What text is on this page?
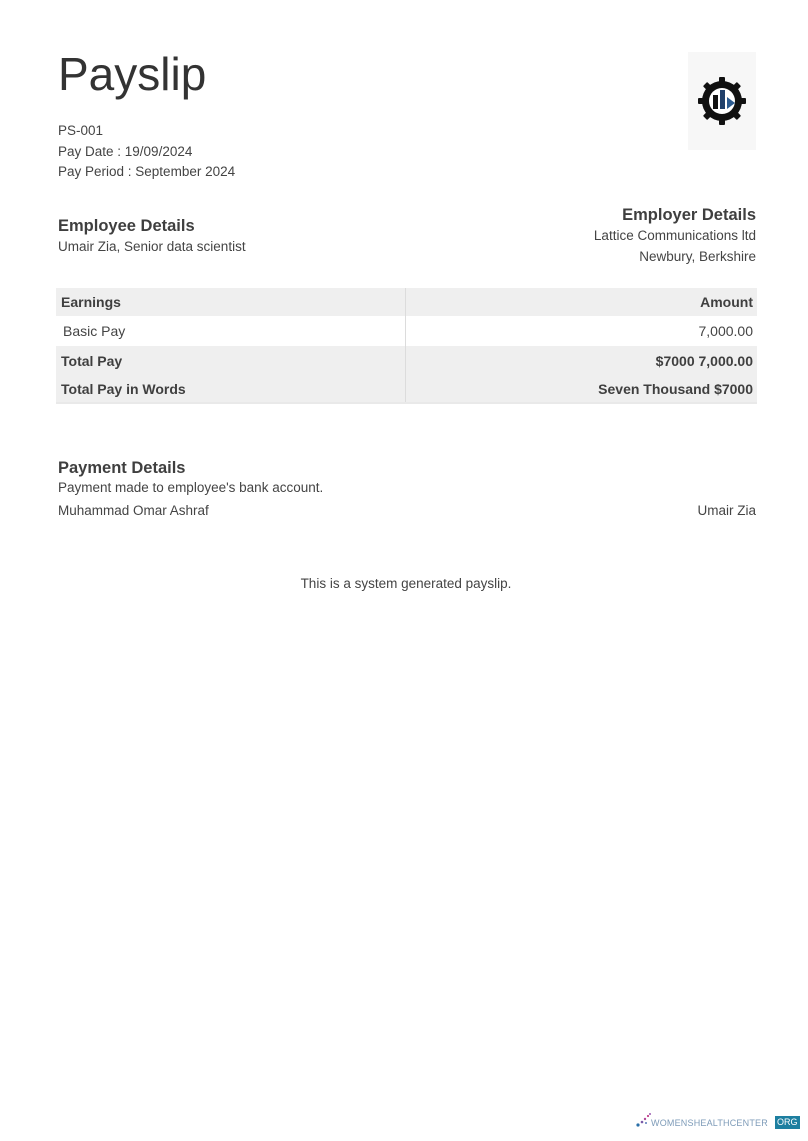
Payslip
PS-001
Pay Date : 19/09/2024
Pay Period : September 2024
Employee Details
Umair Zia, Senior data scientist
Employer Details
Lattice Communications ltd
Newbury, Berkshire
Earnings	Amount
Basic Pay	7,000.00
Total Pay	$7000 7,000.00
Total Pay in Words	Seven Thousand $7000
Payment Details
Payment made to employee's bank account.
Muhammad Omar Ashraf	Umair Zia
This is a system generated payslip.
WOMENSHEALTHCENTER ORG
